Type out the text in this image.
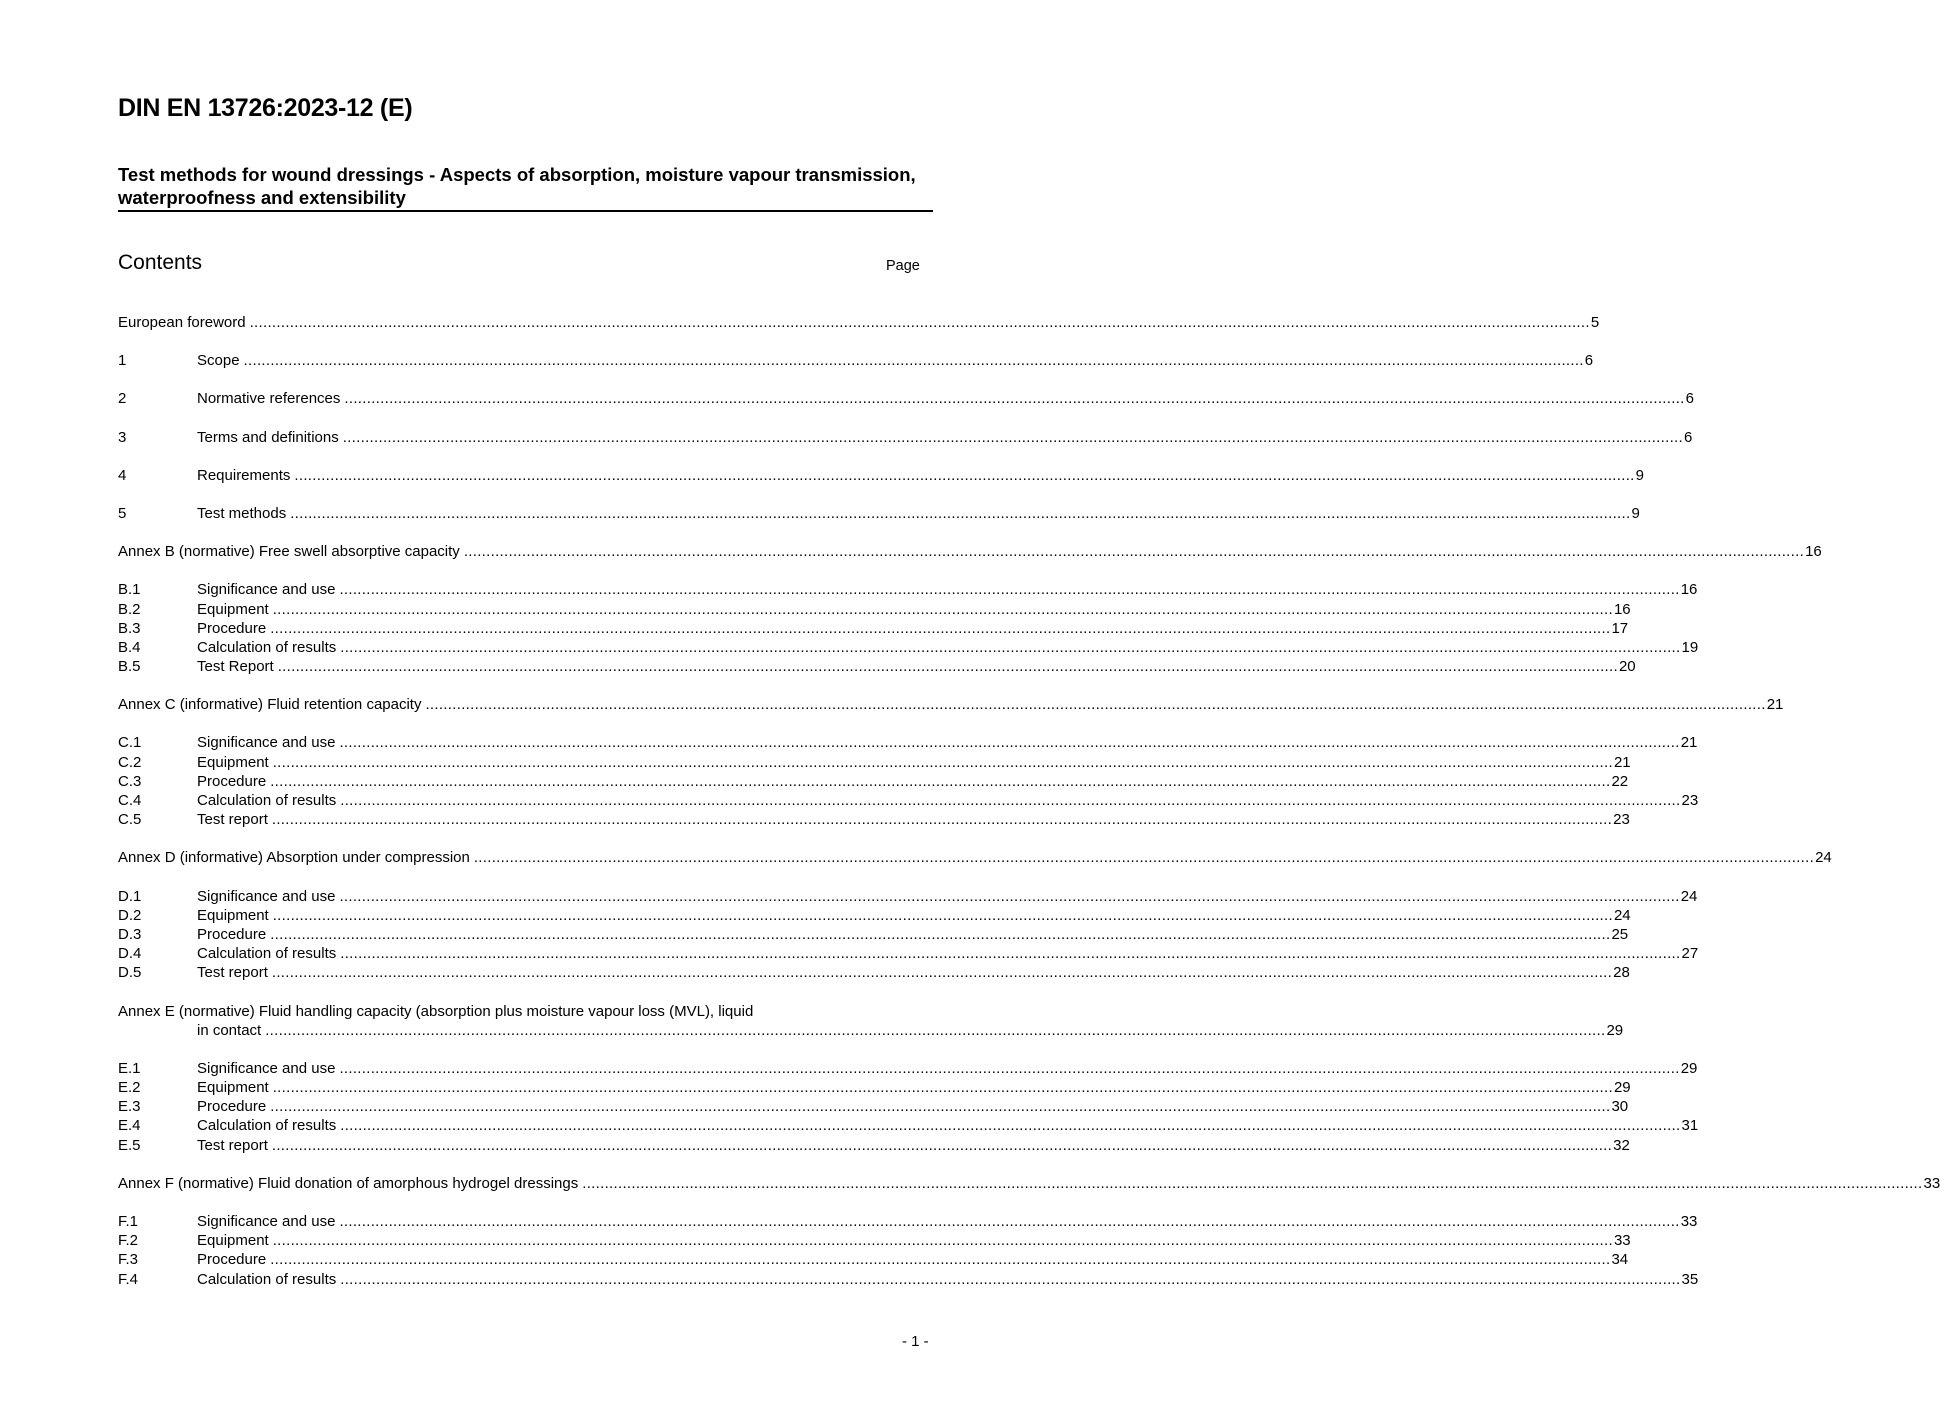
DIN EN 13726:2023-12 (E)
Test methods for wound dressings - Aspects of absorption, moisture vapour transmission, waterproofness and extensibility
Contents	Page
European foreword ............................................................................................................................................................................................................................................................................................................ 5
1	Scope ............................................................................................................................................................................................................................................................................................................ 6
2	Normative references ............................................................................................................................................................................................................................................................................................................ 6
3	Terms and definitions ............................................................................................................................................................................................................................................................................................................ 6
4	Requirements ............................................................................................................................................................................................................................................................................................................ 9
5	Test methods ............................................................................................................................................................................................................................................................................................................ 9
Annex B (normative) Free swell absorptive capacity ............................................................................................................................................................................................................................................................................................................ 16
B.1	Significance and use ............................................................................................................................................................................................................................................................................................................ 16
B.2	Equipment ............................................................................................................................................................................................................................................................................................................ 16
B.3	Procedure ............................................................................................................................................................................................................................................................................................................ 17
B.4	Calculation of results ............................................................................................................................................................................................................................................................................................................ 19
B.5	Test Report ............................................................................................................................................................................................................................................................................................................ 20
Annex C (informative) Fluid retention capacity ............................................................................................................................................................................................................................................................................................................ 21
C.1	Significance and use ............................................................................................................................................................................................................................................................................................................ 21
C.2	Equipment ............................................................................................................................................................................................................................................................................................................ 21
C.3	Procedure ............................................................................................................................................................................................................................................................................................................ 22
C.4	Calculation of results ............................................................................................................................................................................................................................................................................................................ 23
C.5	Test report ............................................................................................................................................................................................................................................................................................................ 23
Annex D (informative) Absorption under compression ............................................................................................................................................................................................................................................................................................................ 24
D.1	Significance and use ............................................................................................................................................................................................................................................................................................................ 24
D.2	Equipment ............................................................................................................................................................................................................................................................................................................ 24
D.3	Procedure ............................................................................................................................................................................................................................................................................................................ 25
D.4	Calculation of results ............................................................................................................................................................................................................................................................................................................ 27
D.5	Test report ............................................................................................................................................................................................................................................................................................................ 28
Annex E (normative) Fluid handling capacity (absorption plus moisture vapour loss (MVL), liquid
in contact ............................................................................................................................................................................................................................................................................................................ 29
E.1	Significance and use ............................................................................................................................................................................................................................................................................................................ 29
E.2	Equipment ............................................................................................................................................................................................................................................................................................................ 29
E.3	Procedure ............................................................................................................................................................................................................................................................................................................ 30
E.4	Calculation of results ............................................................................................................................................................................................................................................................................................................ 31
E.5	Test report ............................................................................................................................................................................................................................................................................................................ 32
Annex F (normative) Fluid donation of amorphous hydrogel dressings ............................................................................................................................................................................................................................................................................................................ 33
F.1	Significance and use ............................................................................................................................................................................................................................................................................................................ 33
F.2	Equipment ............................................................................................................................................................................................................................................................................................................ 33
F.3	Procedure ............................................................................................................................................................................................................................................................................................................ 34
F.4	Calculation of results ............................................................................................................................................................................................................................................................................................................ 35
- 1 -
